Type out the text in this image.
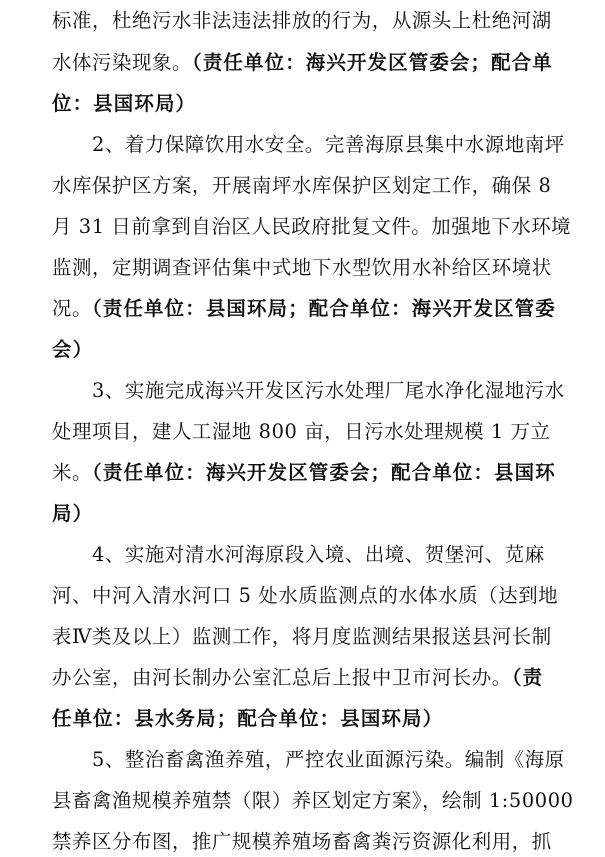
标准，杜绝污水非法违法排放的行为，从源头上杜绝河湖
水体污染现象。（责任单位：海兴开发区管委会；配合单
位：县国环局）
2、着力保障饮用水安全。完善海原县集中水源地南坪
水库保护区方案，开展南坪水库保护区划定工作，确保 8
月 31 日前拿到自治区人民政府批复文件。加强地下水环境
监测，定期调查评估集中式地下水型饮用水补给区环境状
况。（责任单位：县国环局；配合单位：海兴开发区管委
会）
3、实施完成海兴开发区污水处理厂尾水净化湿地污水
处理项目，建人工湿地 800 亩，日污水处理规模 1 万立
米。（责任单位：海兴开发区管委会；配合单位：县国环
局）
4、实施对清水河海原段入境、出境、贺堡河、苋麻
河、中河入清水河口 5 处水质监测点的水体水质（达到地
表Ⅳ类及以上）监测工作，将月度监测结果报送县河长制
办公室，由河长制办公室汇总后上报中卫市河长办。（责
任单位：县水务局；配合单位：县国环局）
5、整治畜禽渔养殖，严控农业面源污染。编制《海原
县畜禽渔规模养殖禁（限）养区划定方案》，绘制 1:50000
禁养区分布图，推广规模养殖场畜禽粪污资源化利用，抓
